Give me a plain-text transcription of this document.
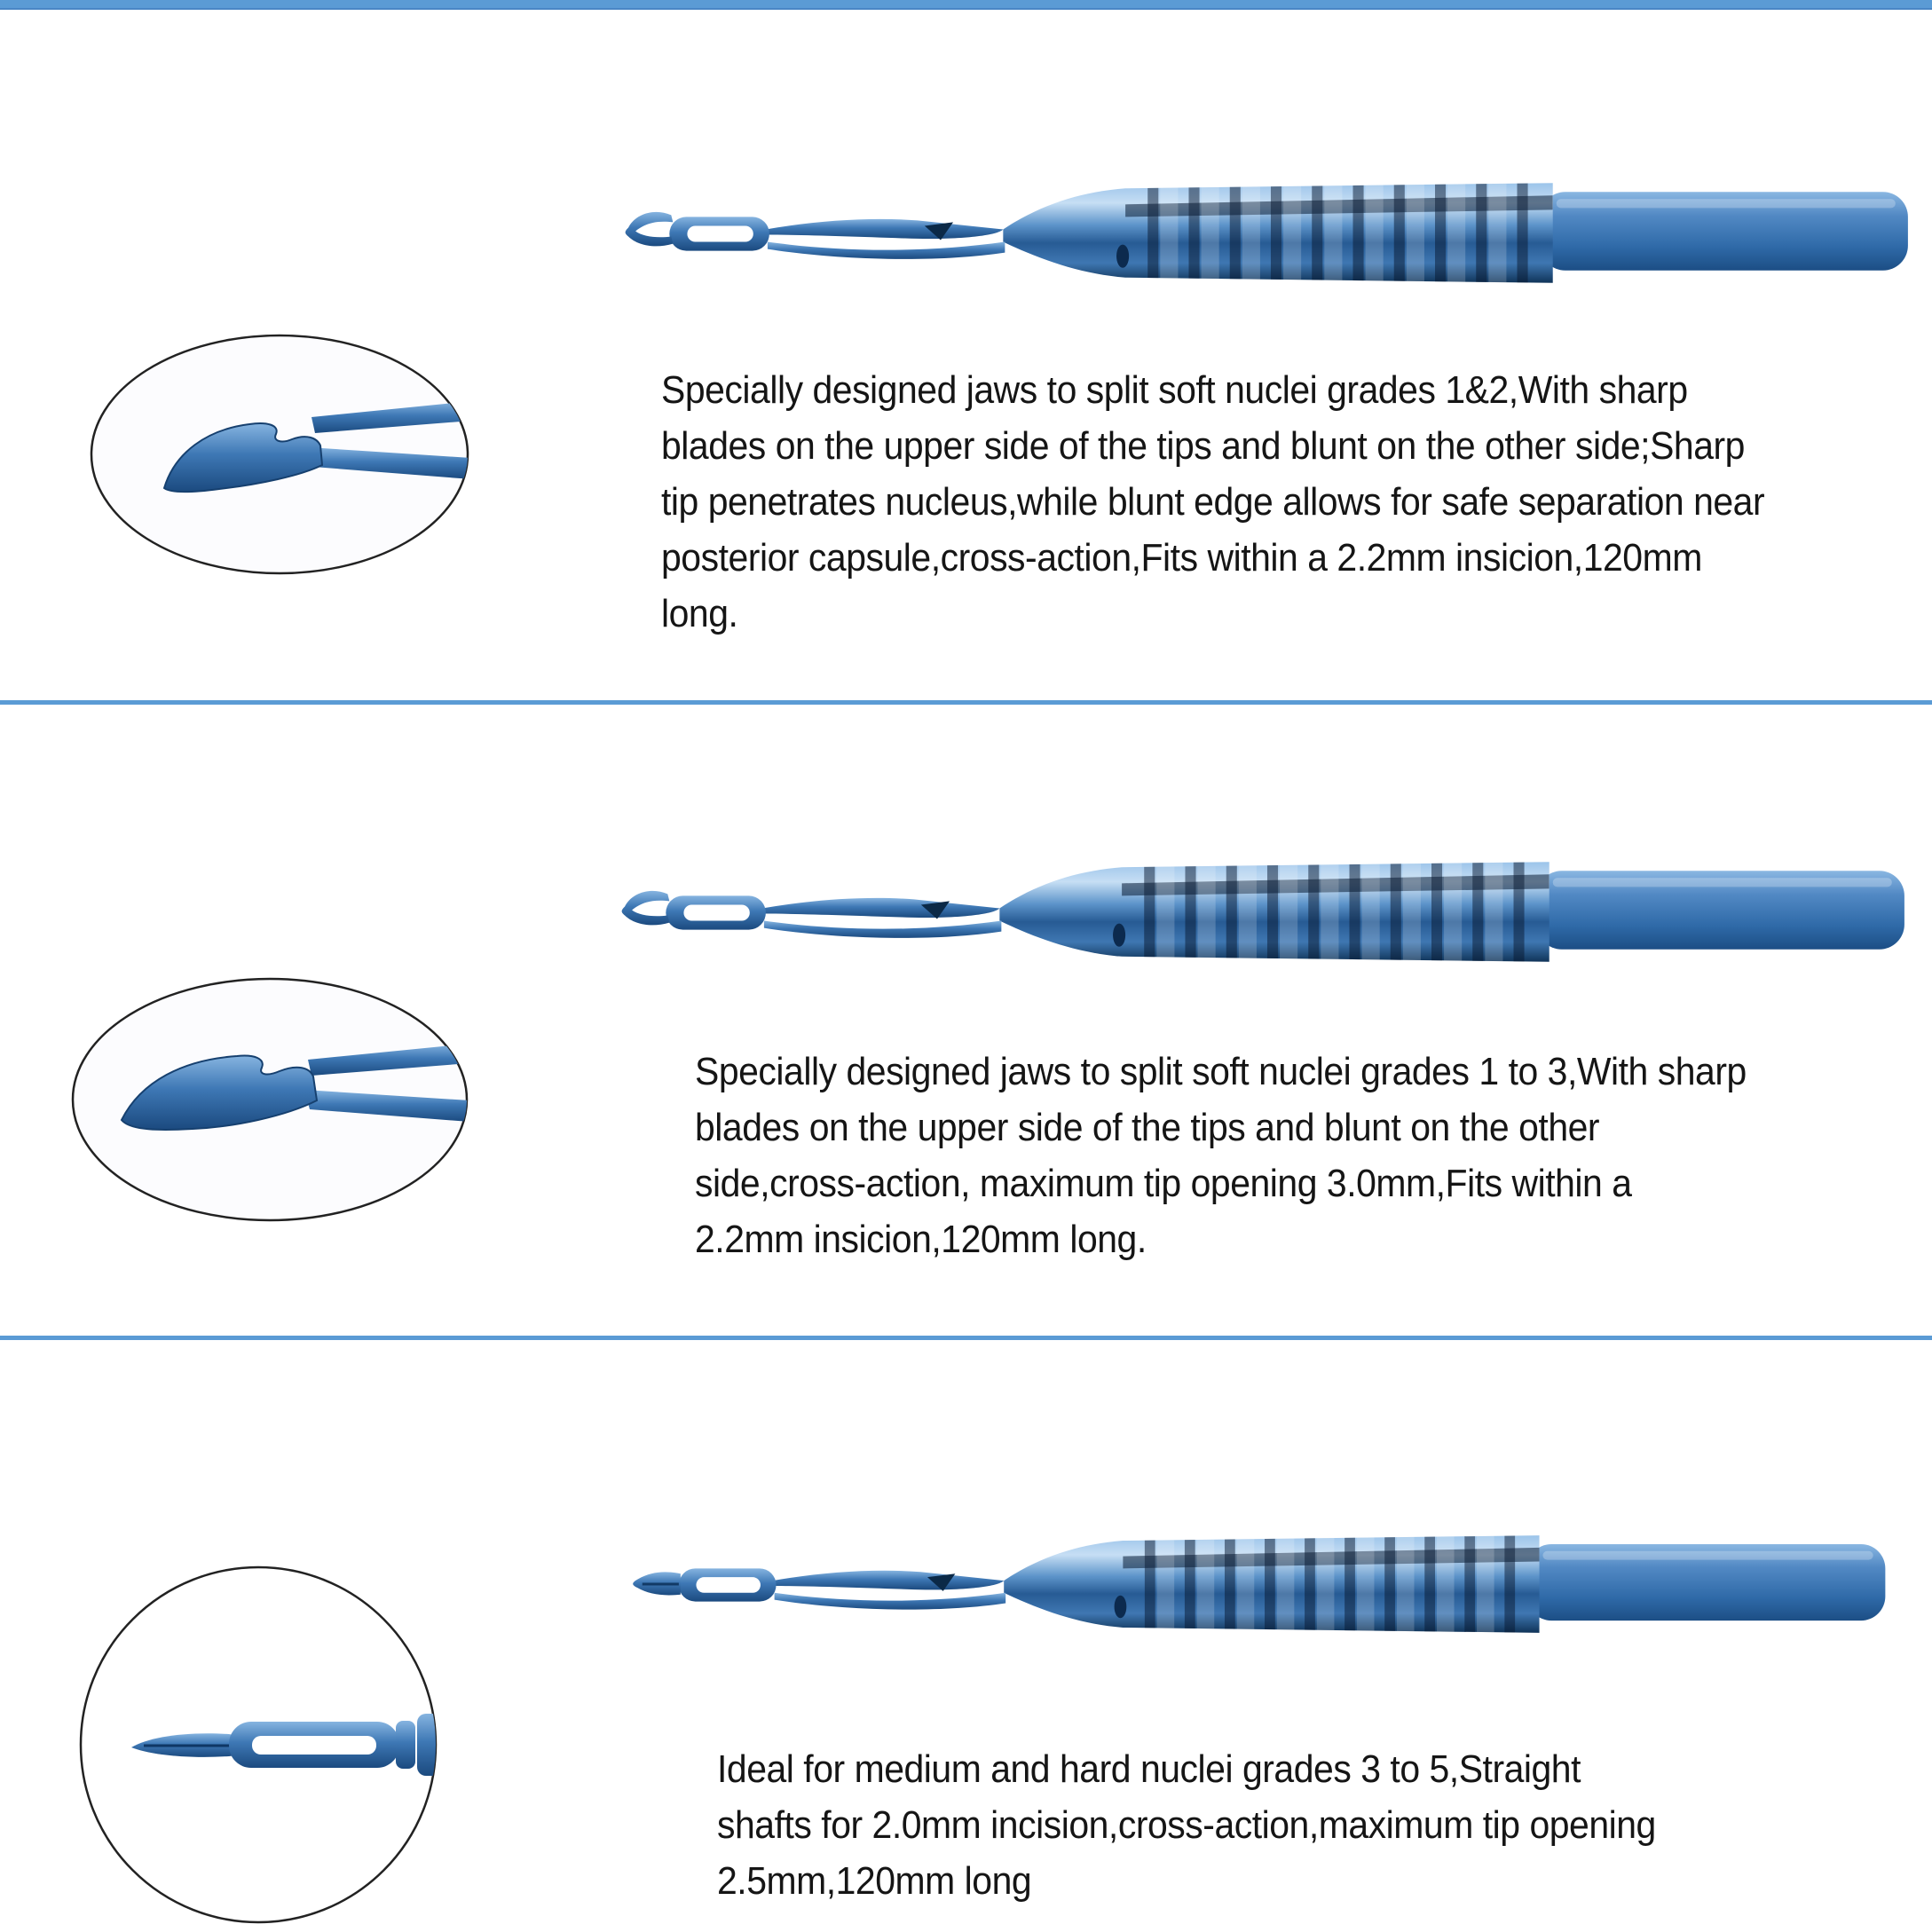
Specially designed jaws to split soft nuclei grades 1&2,With sharp
blades on the upper side of the tips and blunt on the other side;Sharp
tip penetrates nucleus,while blunt edge allows for safe separation near
posterior capsule,cross-action,Fits within a 2.2mm insicion,120mm
long.
Specially designed jaws to split soft nuclei grades 1 to 3,With sharp
blades on the upper side of the tips and blunt on the other
side,cross-action, maximum tip opening 3.0mm,Fits within a
2.2mm insicion,120mm long.
Ideal for medium and hard nuclei grades 3 to 5,Straight
shafts for 2.0mm incision,cross-action,maximum tip opening
2.5mm,120mm long
